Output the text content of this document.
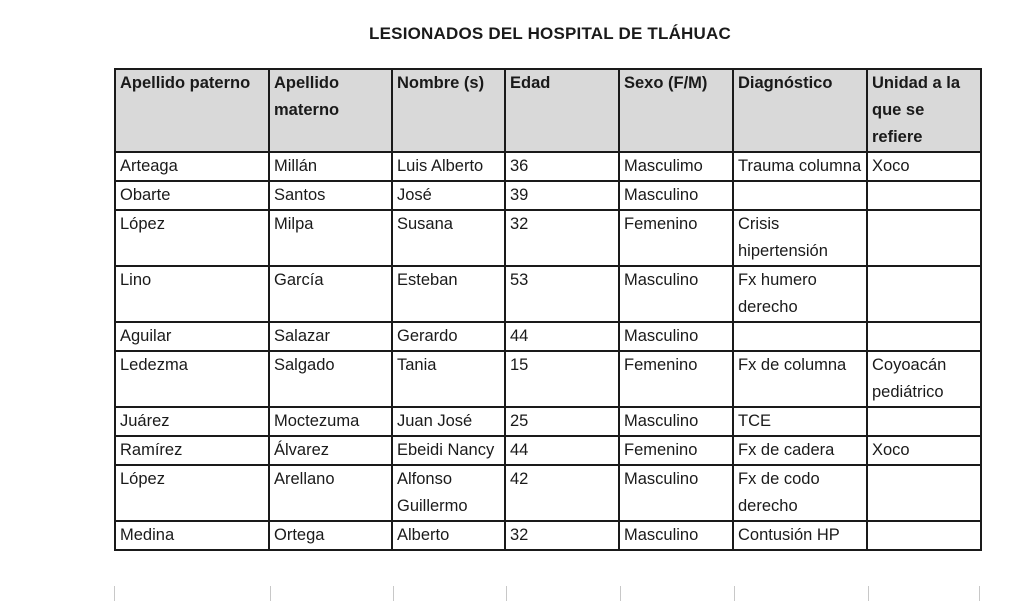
LESIONADOS DEL HOSPITAL DE TLÁHUAC
Apellido paterno	Apellido materno	Nombre (s)	Edad	Sexo (F/M)	Diagnóstico	Unidad a la que se refiere
Arteaga	Millán	Luis Alberto	36	Masculimo	Trauma columna	Xoco
Obarte	Santos	José	39	Masculino		
López	Milpa	Susana	32	Femenino	Crisis hipertensión	
Lino	García	Esteban	53	Masculino	Fx humero derecho	
Aguilar	Salazar	Gerardo	44	Masculino		
Ledezma	Salgado	Tania	15	Femenino	Fx de columna	Coyoacán pediátrico
Juárez	Moctezuma	Juan José	25	Masculino	TCE	
Ramírez	Álvarez	Ebeidi Nancy	44	Femenino	Fx de cadera	Xoco
López	Arellano	Alfonso Guillermo	42	Masculino	Fx de codo derecho	
Medina	Ortega	Alberto	32	Masculino	Contusión HP	
